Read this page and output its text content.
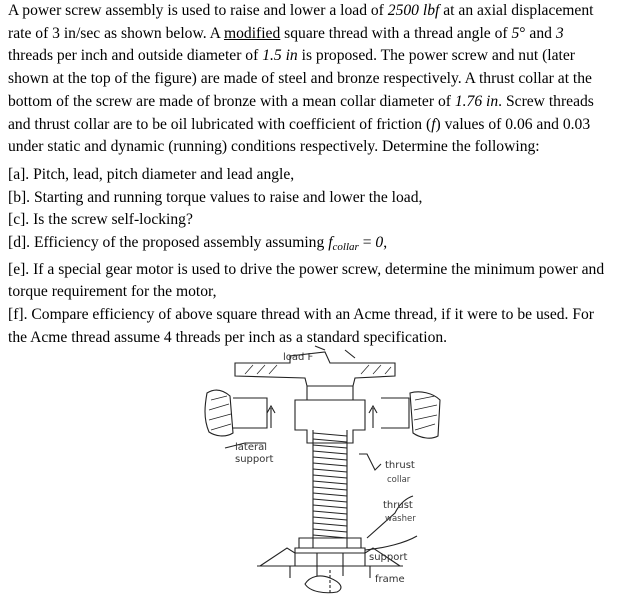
A power screw assembly is used to raise and lower a load of 2500 lbf at an axial displacement
rate of 3 in/sec as shown below. A modified square thread with a thread angle of 5° and 3
threads per inch and outside diameter of 1.5 in is proposed. The power screw and nut (later
shown at the top of the figure) are made of steel and bronze respectively. A thrust collar at the
bottom of the screw are made of bronze with a mean collar diameter of 1.76 in. Screw threads
and thrust collar are to be oil lubricated with coefficient of friction (f) values of 0.06 and 0.03
under static and dynamic (running) conditions respectively. Determine the following:
[a]. Pitch, lead, pitch diameter and lead angle,
[b]. Starting and running torque values to raise and lower the load,
[c]. Is the screw self-locking?
[d]. Efficiency of the proposed assembly assuming fcollar = 0,
[e]. If a special gear motor is used to drive the power screw, determine the minimum power and
torque requirement for the motor,
[f]. Compare efficiency of above square thread with an Acme thread, if it were to be used. For
the Acme thread assume 4 threads per inch as a standard specification.
load F
lateral
support
thrust
collar
thrust
washer
support
frame
